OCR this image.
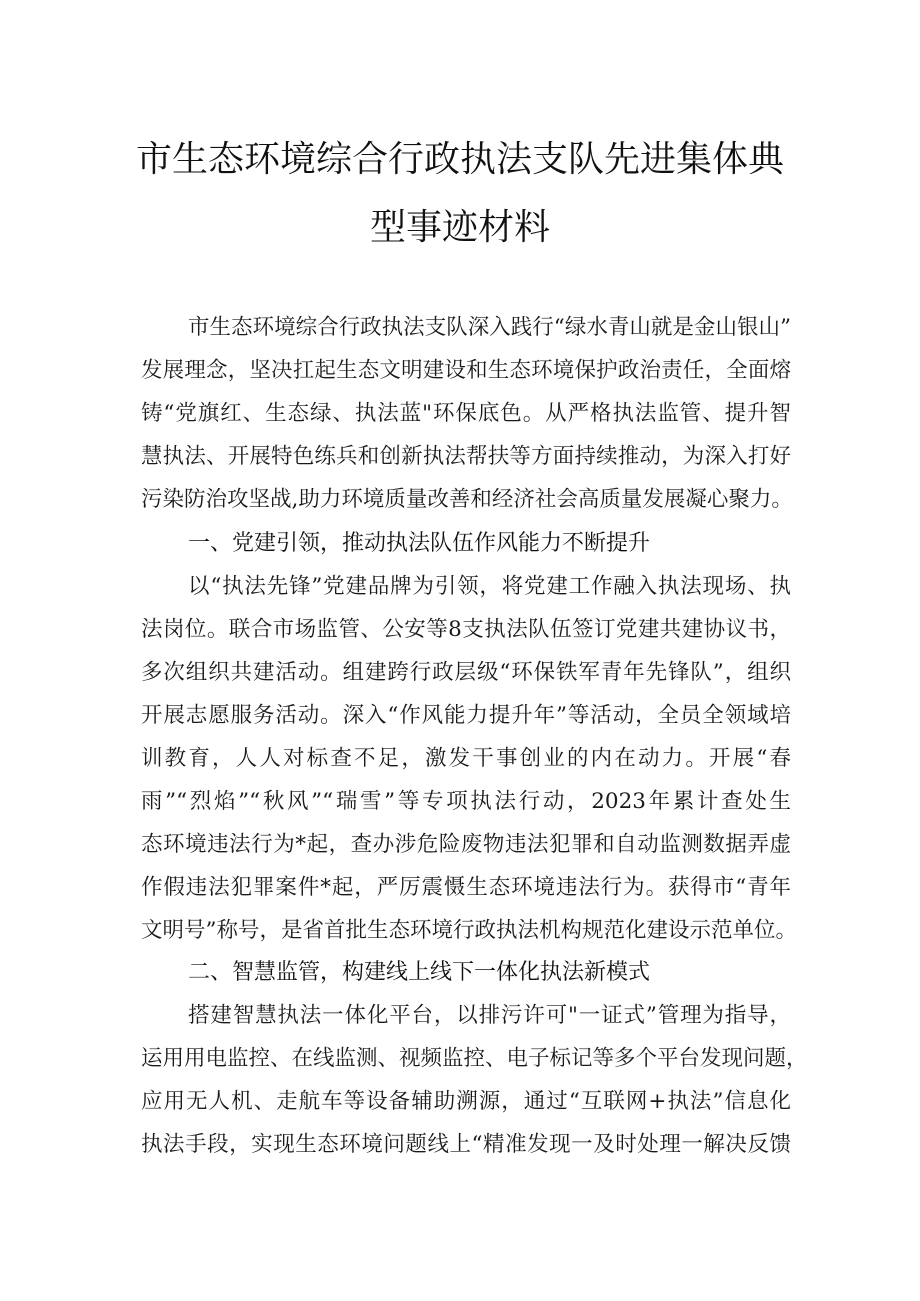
市生态环境综合行政执法支队先进集体典
型事迹材料
市生态环境综合行政执法支队深入践行“绿水青山就是金山银山”
发展理念，坚决扛起生态文明建设和生态环境保护政治责任，全面熔
铸“党旗红、生态绿、执法蓝"环保底色。从严格执法监管、提升智
慧执法、开展特色练兵和创新执法帮扶等方面持续推动，为深入打好
污染防治攻坚战,助力环境质量改善和经济社会高质量发展凝心聚力。
一、党建引领，推动执法队伍作风能力不断提升
以“执法先锋”党建品牌为引领，将党建工作融入执法现场、执
法岗位。联合市场监管、公安等8支执法队伍签订党建共建协议书，
多次组织共建活动。组建跨行政层级“环保铁军青年先锋队”，组织
开展志愿服务活动。深入“作风能力提升年”等活动，全员全领域培
训教育，人人对标查不足，激发干事创业的内在动力。开展“春
雨”“烈焰”“秋风”“瑞雪”等专项执法行动，2023年累计查处生
态环境违法行为*起，查办涉危险废物违法犯罪和自动监测数据弄虚
作假违法犯罪案件*起，严厉震慑生态环境违法行为。获得市“青年
文明号”称号，是省首批生态环境行政执法机构规范化建设示范单位。
二、智慧监管，构建线上线下一体化执法新模式
搭建智慧执法一体化平台，以排污许可"一证式”管理为指导，
运用用电监控、在线监测、视频监控、电子标记等多个平台发现问题，
应用无人机、走航车等设备辅助溯源，通过“互联网+执法”信息化
执法手段，实现生态环境问题线上“精准发现一及时处理一解决反馈
